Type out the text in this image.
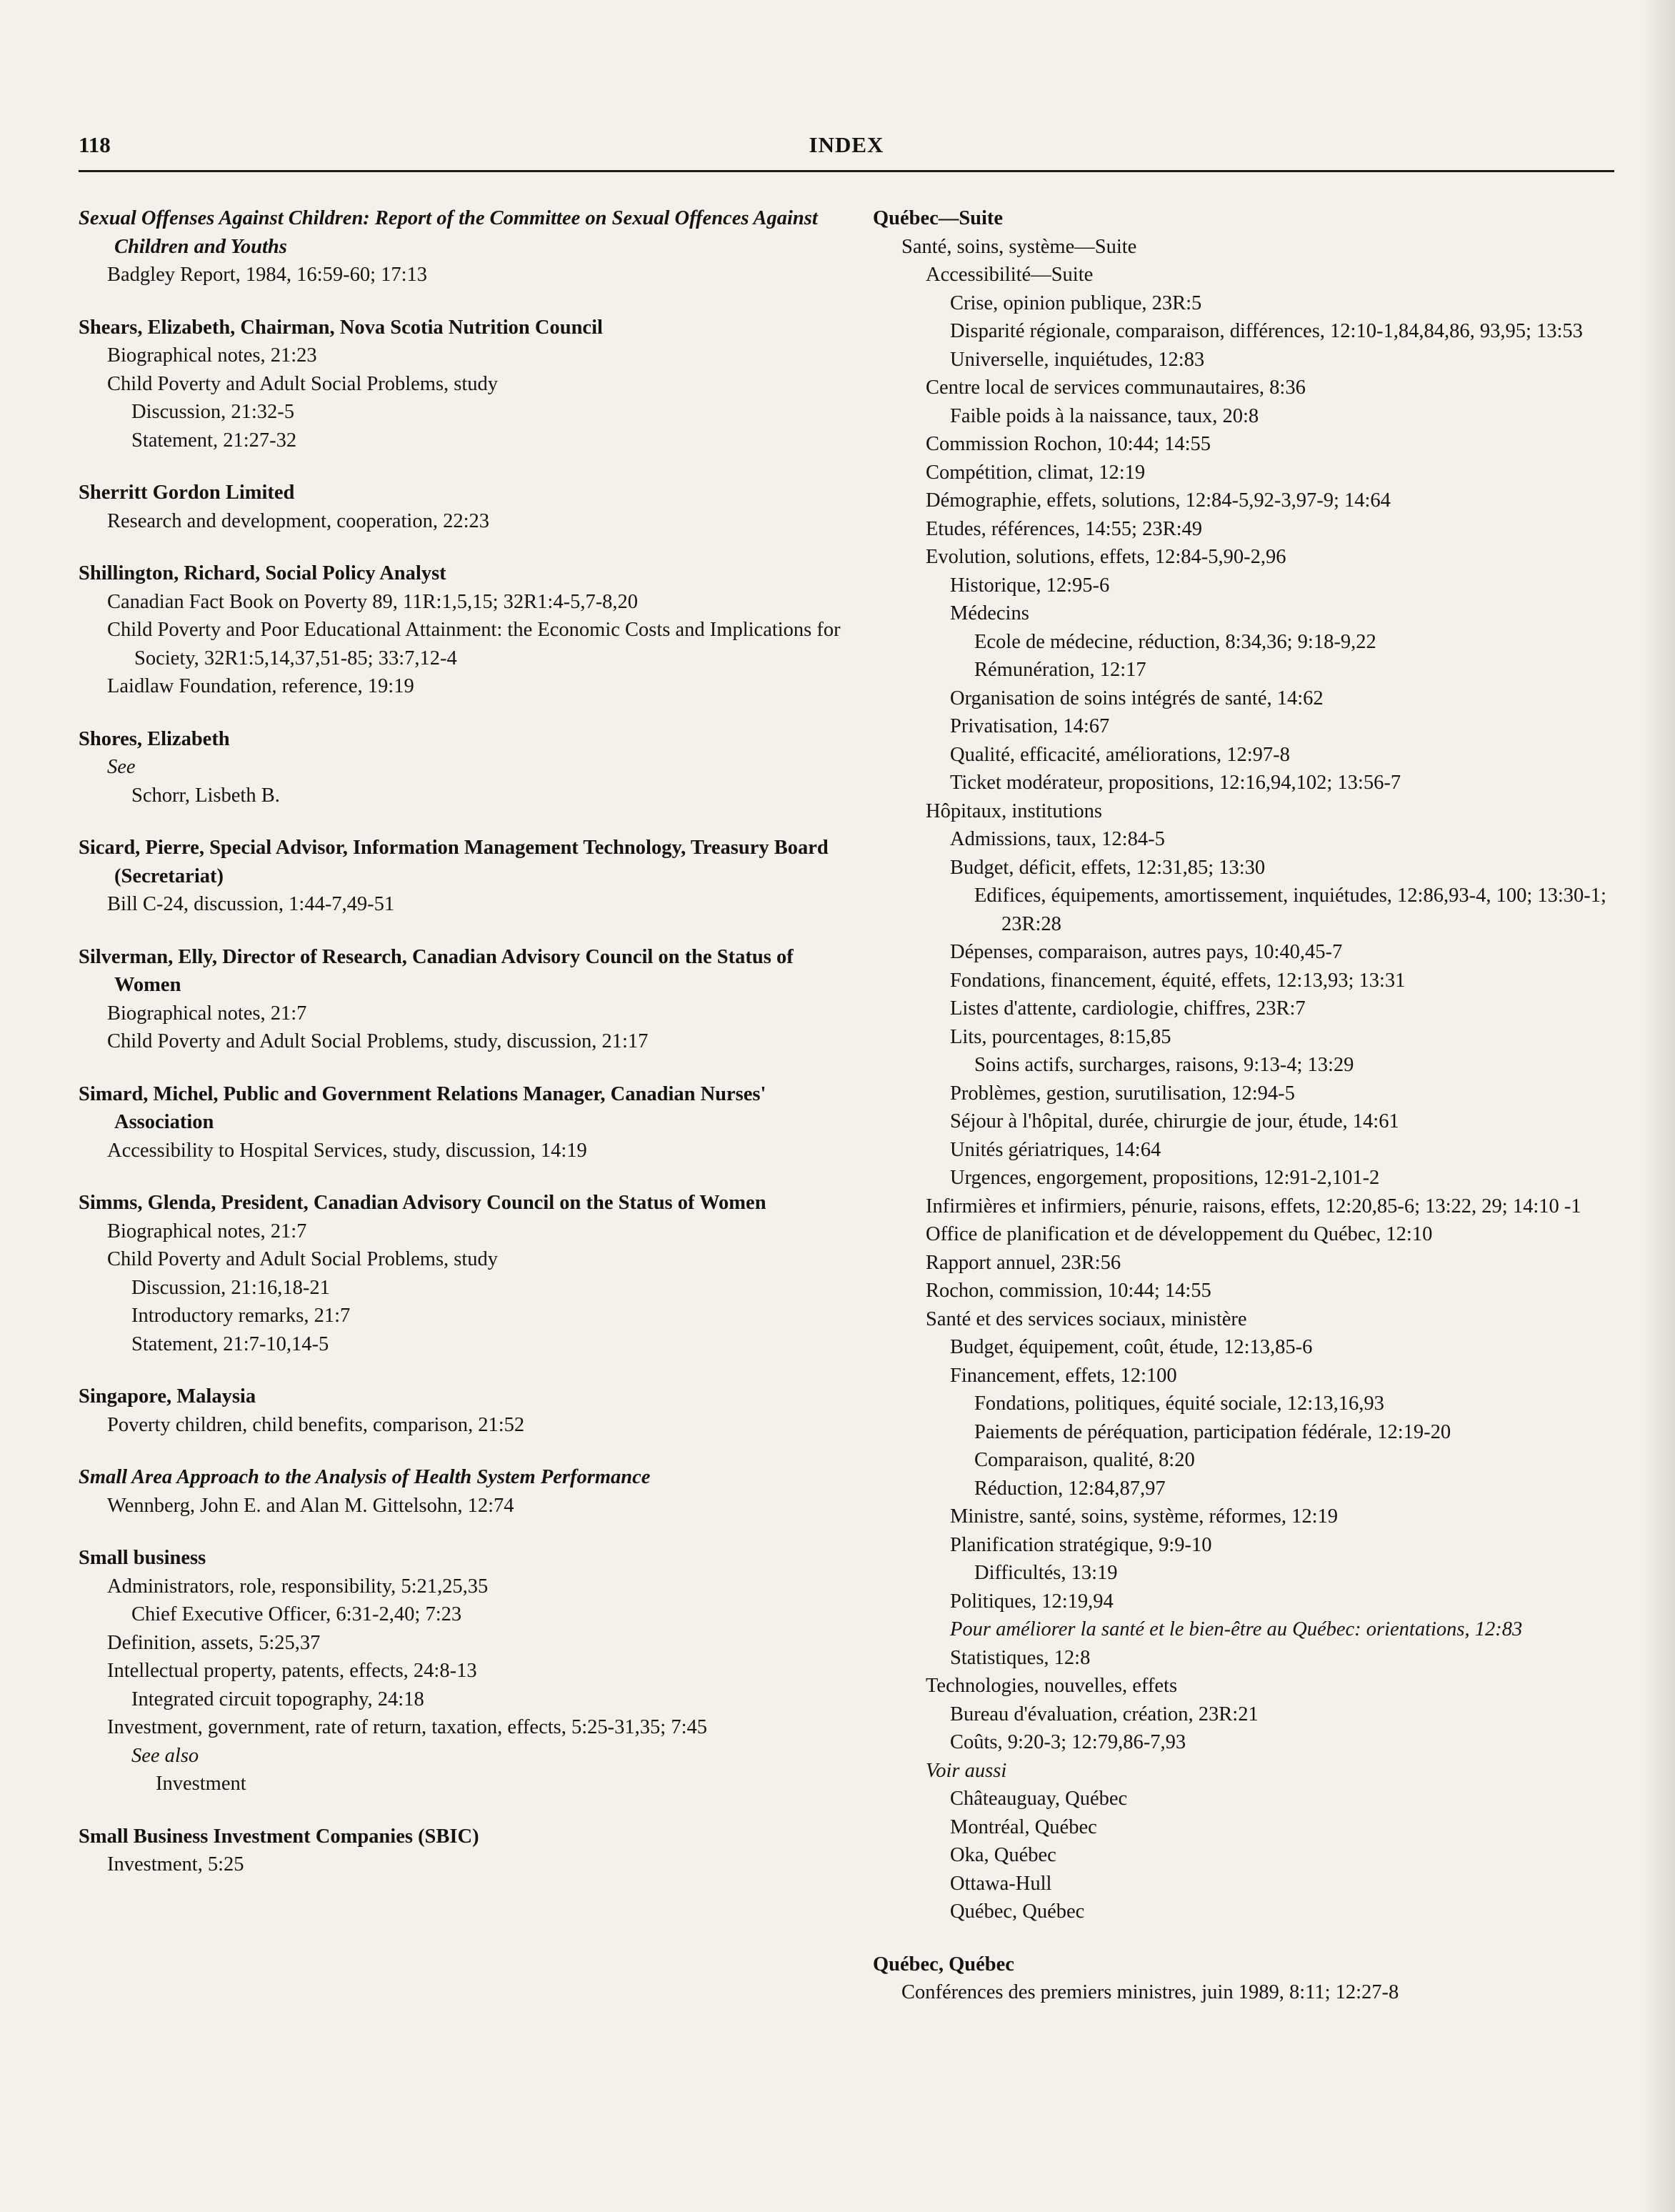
118	INDEX
Sexual Offenses Against Children: Report of the Committee on Sexual Offences Against Children and Youths
Badgley Report, 1984, 16:59-60; 17:13
Shears, Elizabeth, Chairman, Nova Scotia Nutrition Council
Biographical notes, 21:23
Child Poverty and Adult Social Problems, study
Discussion, 21:32-5
Statement, 21:27-32
Sherritt Gordon Limited
Research and development, cooperation, 22:23
Shillington, Richard, Social Policy Analyst
Canadian Fact Book on Poverty 89, 11R:1,5,15; 32R1:4-5,7-8,20
Child Poverty and Poor Educational Attainment: the Economic Costs and Implications for Society, 32R1:5,14,37,51-85; 33:7,12-4
Laidlaw Foundation, reference, 19:19
Shores, Elizabeth
See
Schorr, Lisbeth B.
Sicard, Pierre, Special Advisor, Information Management Technology, Treasury Board (Secretariat)
Bill C-24, discussion, 1:44-7,49-51
Silverman, Elly, Director of Research, Canadian Advisory Council on the Status of Women
Biographical notes, 21:7
Child Poverty and Adult Social Problems, study, discussion, 21:17
Simard, Michel, Public and Government Relations Manager, Canadian Nurses' Association
Accessibility to Hospital Services, study, discussion, 14:19
Simms, Glenda, President, Canadian Advisory Council on the Status of Women
Biographical notes, 21:7
Child Poverty and Adult Social Problems, study
Discussion, 21:16,18-21
Introductory remarks, 21:7
Statement, 21:7-10,14-5
Singapore, Malaysia
Poverty children, child benefits, comparison, 21:52
Small Area Approach to the Analysis of Health System Performance
Wennberg, John E. and Alan M. Gittelsohn, 12:74
Small business
Administrators, role, responsibility, 5:21,25,35
Chief Executive Officer, 6:31-2,40; 7:23
Definition, assets, 5:25,37
Intellectual property, patents, effects, 24:8-13
Integrated circuit topography, 24:18
Investment, government, rate of return, taxation, effects, 5:25-31,35; 7:45
See also
Investment
Small Business Investment Companies (SBIC)
Investment, 5:25
Québec—Suite
Santé, soins, système—Suite
Accessibilité—Suite
Crise, opinion publique, 23R:5
Disparité régionale, comparaison, différences, 12:10-1,84,84,86, 93,95; 13:53
Universelle, inquiétudes, 12:83
Centre local de services communautaires, 8:36
Faible poids à la naissance, taux, 20:8
Commission Rochon, 10:44; 14:55
Compétition, climat, 12:19
Démographie, effets, solutions, 12:84-5,92-3,97-9; 14:64
Etudes, références, 14:55; 23R:49
Evolution, solutions, effets, 12:84-5,90-2,96
Historique, 12:95-6
Médecins
Ecole de médecine, réduction, 8:34,36; 9:18-9,22
Rémunération, 12:17
Organisation de soins intégrés de santé, 14:62
Privatisation, 14:67
Qualité, efficacité, améliorations, 12:97-8
Ticket modérateur, propositions, 12:16,94,102; 13:56-7
Hôpitaux, institutions
Admissions, taux, 12:84-5
Budget, déficit, effets, 12:31,85; 13:30
Edifices, équipements, amortissement, inquiétudes, 12:86,93-4, 100; 13:30-1; 23R:28
Dépenses, comparaison, autres pays, 10:40,45-7
Fondations, financement, équité, effets, 12:13,93; 13:31
Listes d'attente, cardiologie, chiffres, 23R:7
Lits, pourcentages, 8:15,85
Soins actifs, surcharges, raisons, 9:13-4; 13:29
Problèmes, gestion, surutilisation, 12:94-5
Séjour à l'hôpital, durée, chirurgie de jour, étude, 14:61
Unités gériatriques, 14:64
Urgences, engorgement, propositions, 12:91-2,101-2
Infirmières et infirmiers, pénurie, raisons, effets, 12:20,85-6; 13:22, 29; 14:10 -1
Office de planification et de développement du Québec, 12:10
Rapport annuel, 23R:56
Rochon, commission, 10:44; 14:55
Santé et des services sociaux, ministère
Budget, équipement, coût, étude, 12:13,85-6
Financement, effets, 12:100
Fondations, politiques, équité sociale, 12:13,16,93
Paiements de péréquation, participation fédérale, 12:19-20
Comparaison, qualité, 8:20
Réduction, 12:84,87,97
Ministre, santé, soins, système, réformes, 12:19
Planification stratégique, 9:9-10
Difficultés, 13:19
Politiques, 12:19,94
Pour améliorer la santé et le bien-être au Québec: orientations, 12:83
Statistiques, 12:8
Technologies, nouvelles, effets
Bureau d'évaluation, création, 23R:21
Coûts, 9:20-3; 12:79,86-7,93
Voir aussi
Châteauguay, Québec
Montréal, Québec
Oka, Québec
Ottawa-Hull
Québec, Québec
Québec, Québec
Conférences des premiers ministres, juin 1989, 8:11; 12:27-8
